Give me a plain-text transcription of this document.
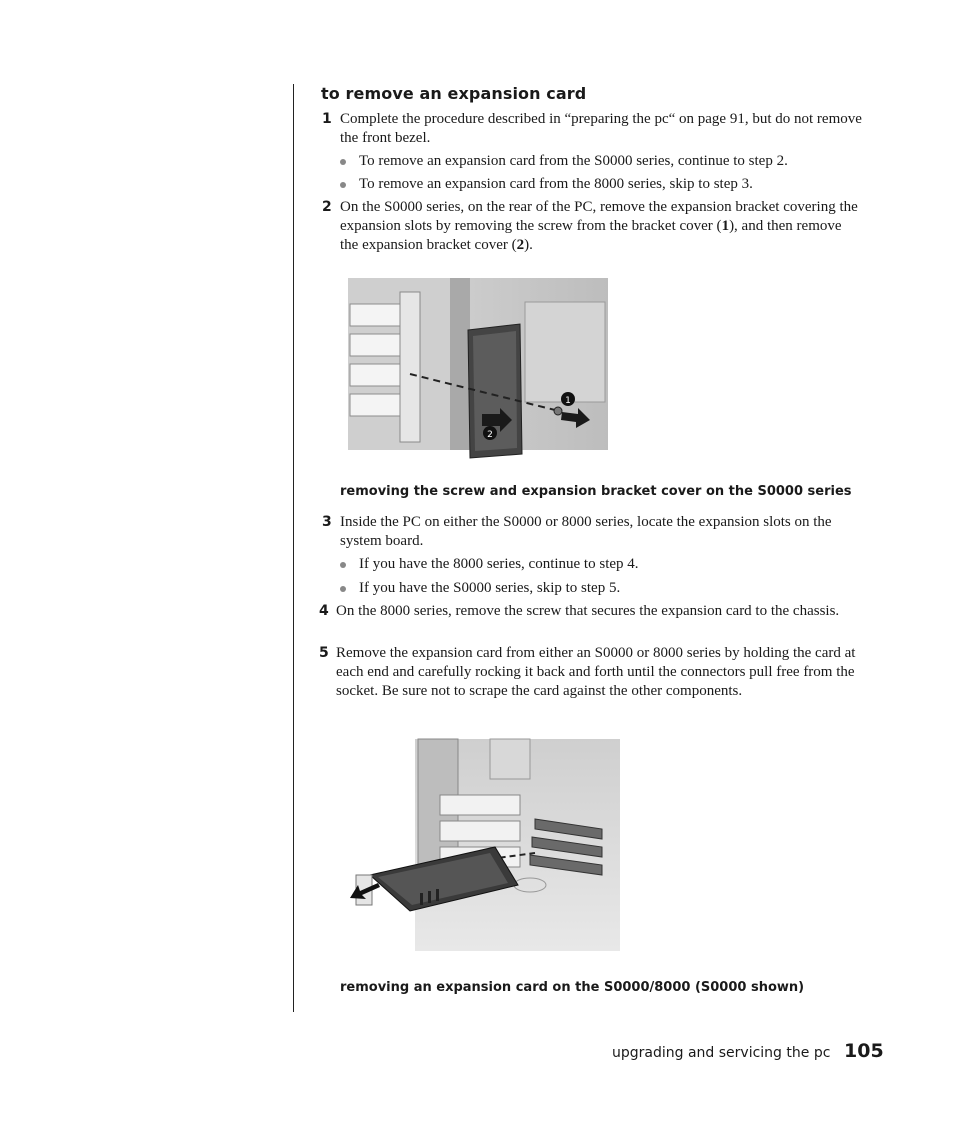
to remove an expansion card
1 Complete the procedure described in “preparing the pc“ on page 91, but do not remove the front bezel.
To remove an expansion card from the S0000 series, continue to step 2.
To remove an expansion card from the 8000 series, skip to step 3.
2 On the S0000 series, on the rear of the PC, remove the expansion bracket covering the expansion slots by removing the screw from the bracket cover (1), and then remove the expansion bracket cover (2).
1
2
removing the screw and expansion bracket cover on the S0000 series
3 Inside the PC on either the S0000 or 8000 series, locate the expansion slots on the system board.
If you have the 8000 series, continue to step 4.
If you have the S0000 series, skip to step 5.
4 On the 8000 series, remove the screw that secures the expansion card to the chassis.
5 Remove the expansion card from either an S0000 or 8000 series by holding the card at each end and carefully rocking it back and forth until the connectors pull free from the socket. Be sure not to scrape the card against the other components.
removing an expansion card on the S0000/8000 (S0000 shown)
upgrading and servicing the pc 105
